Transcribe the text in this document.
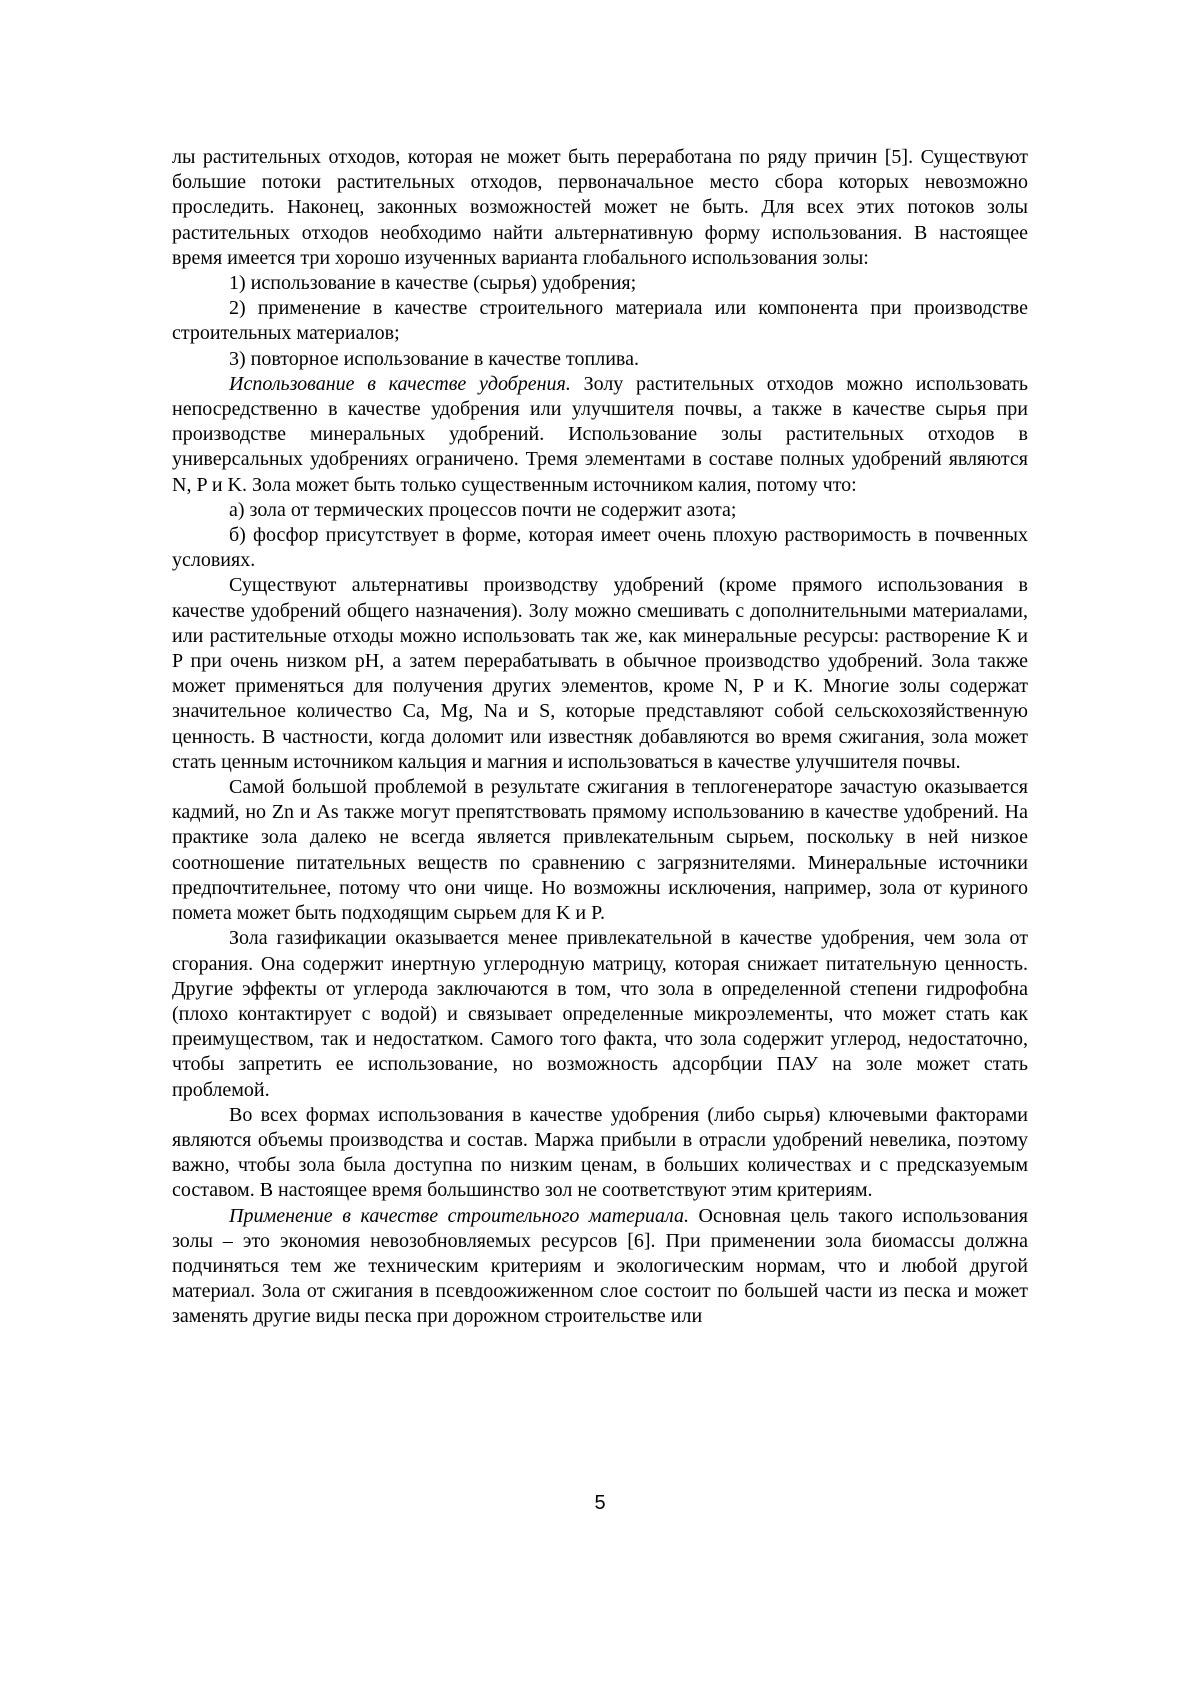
лы растительных отходов, которая не может быть переработана по ряду причин [5]. Существуют большие потоки растительных отходов, первоначальное место сбора которых невозможно проследить. Наконец, законных возможностей может не быть. Для всех этих потоков золы растительных отходов необходимо найти альтернативную форму использования. В настоящее время имеется три хорошо изученных варианта глобального использования золы:

1) использование в качестве (сырья) удобрения;

2) применение в качестве строительного материала или компонента при производстве строительных материалов;

3) повторное использование в качестве топлива.

Использование в качестве удобрения. Золу растительных отходов можно использовать непосредственно в качестве удобрения или улучшителя почвы, а также в качестве сырья при производстве минеральных удобрений. Использование золы растительных отходов в универсальных удобрениях ограничено. Тремя элементами в составе полных удобрений являются N, P и K. Зола может быть только существенным источником калия, потому что:

а) зола от термических процессов почти не содержит азота;

б) фосфор присутствует в форме, которая имеет очень плохую растворимость в почвенных условиях.

Существуют альтернативы производству удобрений (кроме прямого использования в качестве удобрений общего назначения). Золу можно смешивать с дополнительными материалами, или растительные отходы можно использовать так же, как минеральные ресурсы: растворение K и P при очень низком pH, а затем перерабатывать в обычное производство удобрений. Зола также может применяться для получения других элементов, кроме N, P и K. Многие золы содержат значительное количество Ca, Mg, Na и S, которые представляют собой сельскохозяйственную ценность. В частности, когда доломит или известняк добавляются во время сжигания, зола может стать ценным источником кальция и магния и использоваться в качестве улучшителя почвы.

Самой большой проблемой в результате сжигания в теплогенераторе зачастую оказывается кадмий, но Zn и As также могут препятствовать прямому использованию в качестве удобрений. На практике зола далеко не всегда является привлекательным сырьем, поскольку в ней низкое соотношение питательных веществ по сравнению с загрязнителями. Минеральные источники предпочтительнее, потому что они чище. Но возможны исключения, например, зола от куриного помета может быть подходящим сырьем для K и P.

Зола газификации оказывается менее привлекательной в качестве удобрения, чем зола от сгорания. Она содержит инертную углеродную матрицу, которая снижает питательную ценность. Другие эффекты от углерода заключаются в том, что зола в определенной степени гидрофобна (плохо контактирует с водой) и связывает определенные микроэлементы, что может стать как преимуществом, так и недостатком. Самого того факта, что зола содержит углерод, недостаточно, чтобы запретить ее использование, но возможность адсорбции ПАУ на золе может стать проблемой.

Во всех формах использования в качестве удобрения (либо сырья) ключевыми факторами являются объемы производства и состав. Маржа прибыли в отрасли удобрений невелика, поэтому важно, чтобы зола была доступна по низким ценам, в больших количествах и с предсказуемым составом. В настоящее время большинство зол не соответствуют этим критериям.

Применение в качестве строительного материала. Основная цель такого использования золы – это экономия невозобновляемых ресурсов [6]. При применении зола биомассы должна подчиняться тем же техническим критериям и экологическим нормам, что и любой другой материал. Зола от сжигания в псевдоожиженном слое состоит по большей части из песка и может заменять другие виды песка при дорожном строительстве или

5
